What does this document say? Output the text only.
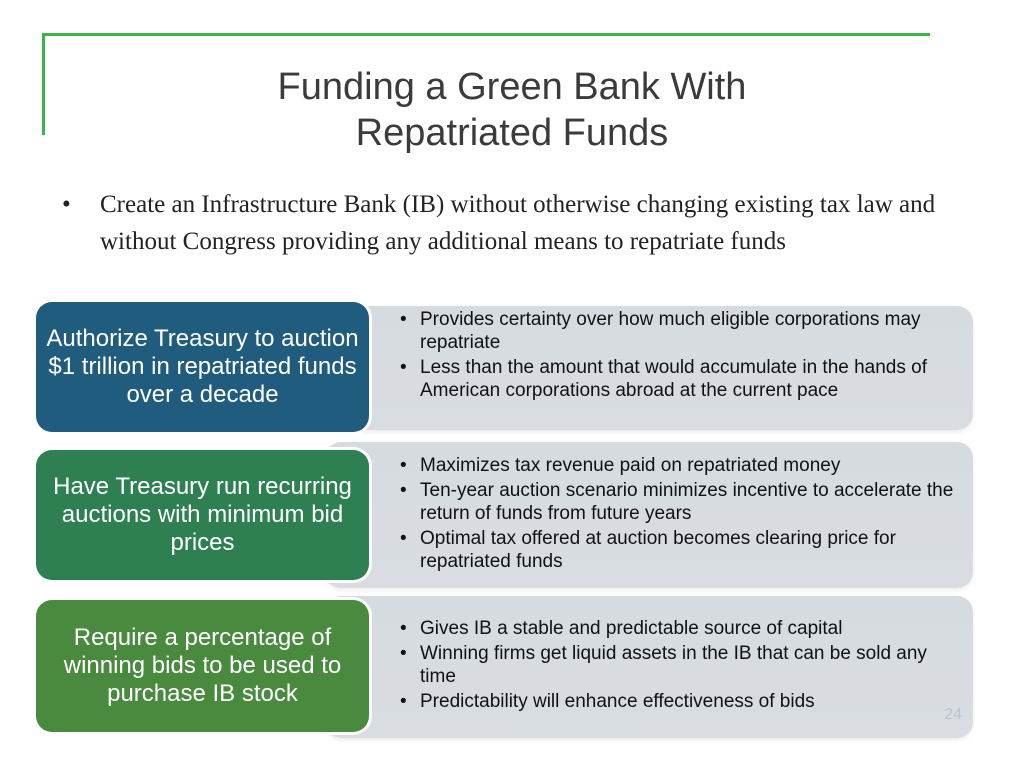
Funding a Green Bank With
Repatriated Funds
• Create an Infrastructure Bank (IB) without otherwise changing existing tax law and without Congress providing any additional means to repatriate funds
Authorize Treasury to auction $1 trillion in repatriated funds over a decade
• Provides certainty over how much eligible corporations may repatriate
• Less than the amount that would accumulate in the hands of American corporations abroad at the current pace
Have Treasury run recurring auctions with minimum bid prices
• Maximizes tax revenue paid on repatriated money
• Ten-year auction scenario minimizes incentive to accelerate the return of funds from future years
• Optimal tax offered at auction becomes clearing price for repatriated funds
Require a percentage of winning bids to be used to purchase IB stock
• Gives IB a stable and predictable source of capital
• Winning firms get liquid assets in the IB that can be sold any time
• Predictability will enhance effectiveness of bids
24
